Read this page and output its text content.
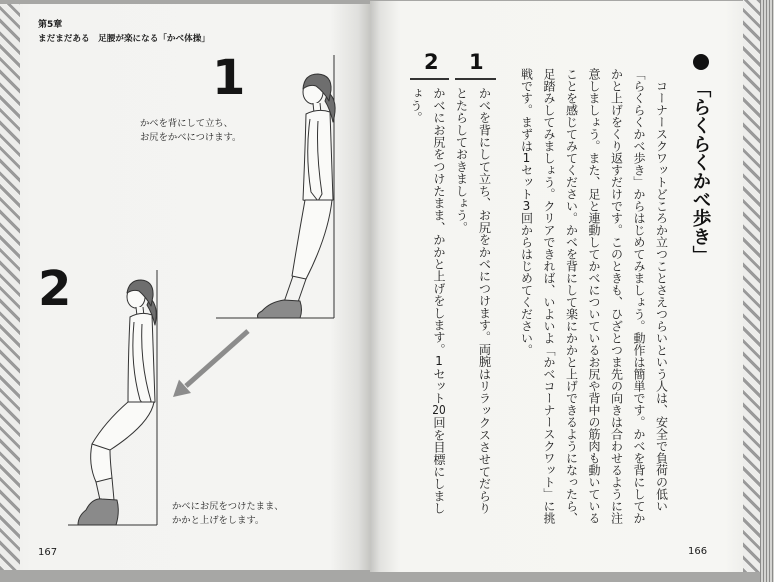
第5章
まだまだある　足腰が楽になる「かべ体操」
1
かべを背にして立ち、
お尻をかべにつけます。
2
かべにお尻をつけたまま、
かかと上げをします。
167
「らくらくかべ歩き」
コーナースクワットどころか立つことさえつらいという人は、安全で負荷の低い
「らくらくかべ歩き」からはじめてみましょう。動作は簡単です。かべを背にしてか
かと上げをくり返すだけです。このときも、ひざとつま先の向きは合わせるように注
意しましょう。また、足と連動してかべについているお尻や背中の筋肉も動いている
ことを感じてみてください。かべを背にして楽にかかと上げできるようになったら、
足踏みしてみましょう。クリアできれば、いよいよ「かべコーナースクワット」に挑
戦です。まずは1セット3回からはじめてください。
1
2
かべを背にして立ち、お尻をかべにつけます。両腕はリラックスさせてだらり
とたらしておきましょう。
かべにお尻をつけたまま、かかと上げをします。1セット20回を目標にしまし
ょう。
166
